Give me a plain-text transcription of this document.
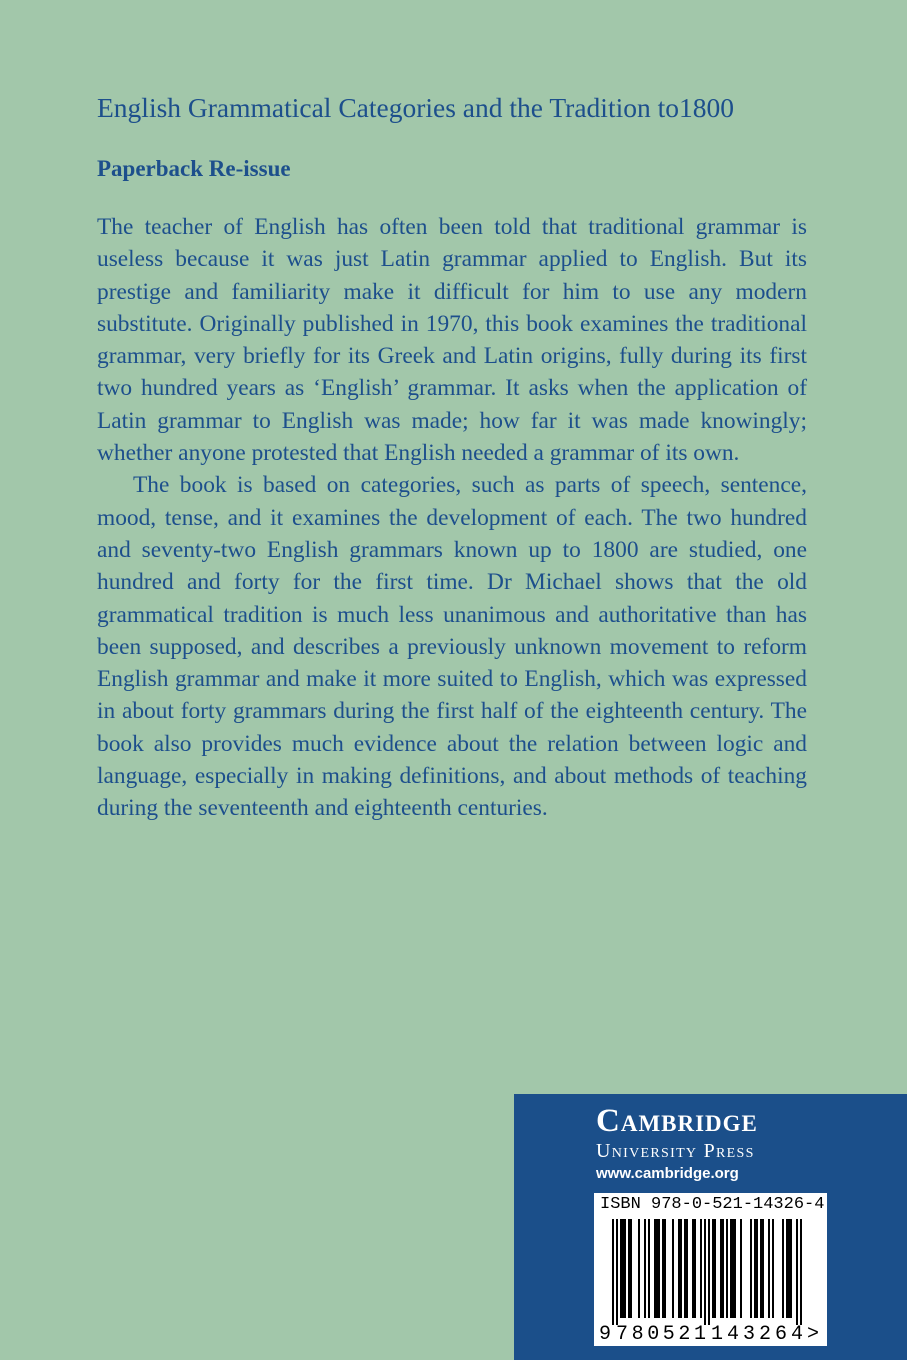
English Grammatical Categories and the Tradition to1800
Paperback Re-issue

The teacher of English has often been told that traditional grammar is useless because it was just Latin grammar applied to English. But its prestige and familiarity make it difficult for him to use any modern substitute. Originally published in 1970, this book examines the traditional grammar, very briefly for its Greek and Latin origins, fully during its first two hundred years as ‘English’ grammar. It asks when the application of Latin grammar to English was made; how far it was made knowingly; whether anyone protested that English needed a grammar of its own.

The book is based on categories, such as parts of speech, sentence, mood, tense, and it examines the development of each. The two hundred and seventy-two English grammars known up to 1800 are studied, one hundred and forty for the first time. Dr Michael shows that the old grammatical tradition is much less unanimous and authoritative than has been supposed, and describes a previously unknown movement to reform English grammar and make it more suited to English, which was expressed in about forty grammars during the first half of the eighteenth century. The book also provides much evidence about the relation between logic and language, especially in making definitions, and about methods of teaching during the seventeenth and eighteenth centuries.

Cambridge
University Press
www.cambridge.org
ISBN 978-0-521-14326-4
9 780521 143264 >
